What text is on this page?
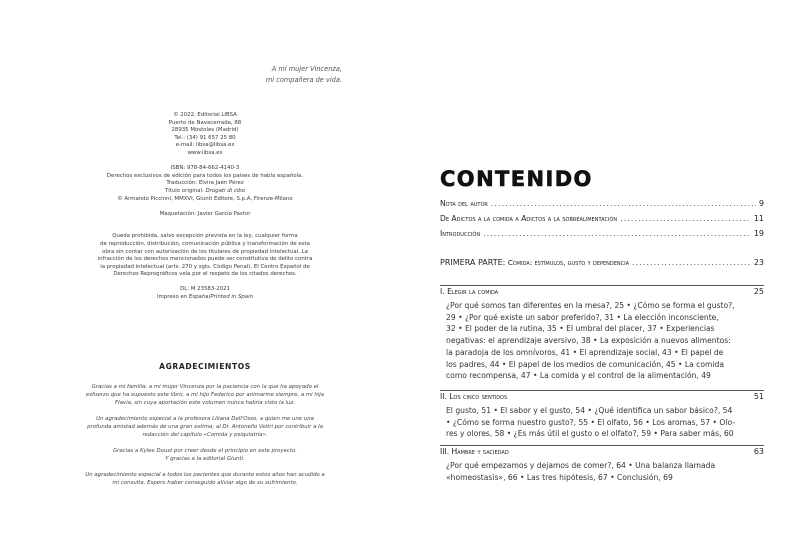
A mi mujer Vincenza,
mi compañera de vida.

© 2022, Editorial LIBSA

Puerto de Navacerrada, 88

28935 Móstoles (Madrid)

Tel.: (34) 91 657 25 80

e-mail: libsa@libsa.es

www.libsa.es

ISBN: 978-84-662-4140-3

Derechos exclusivos de edición para todos los países de habla española.

Traducción: Elvira Jaén Pérez

Título original: Drogati di cibo

© Armando Piccinni, MMXVI, Giunti Editore, S.p.A, Firenze-Milano

Maquetación: Javier García Pastor

Queda prohibida, salvo excepción prevista en la ley, cualquier forma

de reproducción, distribución, comunicación pública y transformación de esta

obra sin contar con autorización de los titulares de propiedad intelectual. La

infracción de los derechos mencionados puede ser constitutiva de delito contra

la propiedad intelectual (arts. 270 y sgts. Código Penal). El Centro Español de

Derechos Reprográficos vela por el respeto de los citados derechos.

DL: M 23583-2021

Impreso en España/Printed in Spain

AGRADECIMIENTOS

Gracias a mi familia: a mi mujer Vincenza por la paciencia con la que ha apoyado el
esfuerzo que ha supuesto este libro, a mi hijo Federico por animarme siempre, a mi hija
Flavia, sin cuya aportación este volumen nunca habría visto la luz.

Un agradecimiento especial a la profesora Liliana Dell'Osso, a quien me une una
profunda amistad además de una gran estima; al Dr. Antonello Veltri por contribuir a la
redacción del capítulo «Comida y psiquiatría».

Gracias a Kylee Doust por creer desde el principio en este proyecto.
Y gracias a la editorial Giunti.

Un agradecimiento especial a todos los pacientes que durante estos años han acudido a
mi consulta. Espero haber conseguido aliviar algo de su sufrimiento.

CONTENIDO
Nota del autor .....	9
De Adictos a la comida a Adictos a la sobrealimentación .....	11
Introducción .....	19
PRIMERA PARTE: Comida: estímulos, gusto y dependencia .....	23
I. Elegir la comida	25
¿Por qué somos tan diferentes en la mesa?, 25 • ¿Cómo se forma el gusto?,
29 • ¿Por qué existe un sabor preferido?, 31 • La elección inconsciente,
32 • El poder de la rutina, 35 • El umbral del placer, 37 • Experiencias
negativas: el aprendizaje aversivo, 38 • La exposición a nuevos alimentos:
la paradoja de los omnívoros, 41 • El aprendizaje social, 43 • El papel de
los padres, 44 • El papel de los medios de comunicación, 45 • La comida
como recompensa, 47 • La comida y el control de la alimentación, 49
II. Los cinco sentidos	51
El gusto, 51 • El sabor y el gusto, 54 • ¿Qué identifica un sabor básico?, 54
• ¿Cómo se forma nuestro gusto?, 55 • El olfato, 56 • Los aromas, 57 • Olo-
res y olores, 58 • ¿Es más útil el gusto o el olfato?, 59 • Para saber más, 60
III. Hambre y saciedad	63
¿Por qué empezamos y dejamos de comer?, 64 • Una balanza llamada
«homeostasis», 66 • Las tres hipótesis, 67 • Conclusión, 69
